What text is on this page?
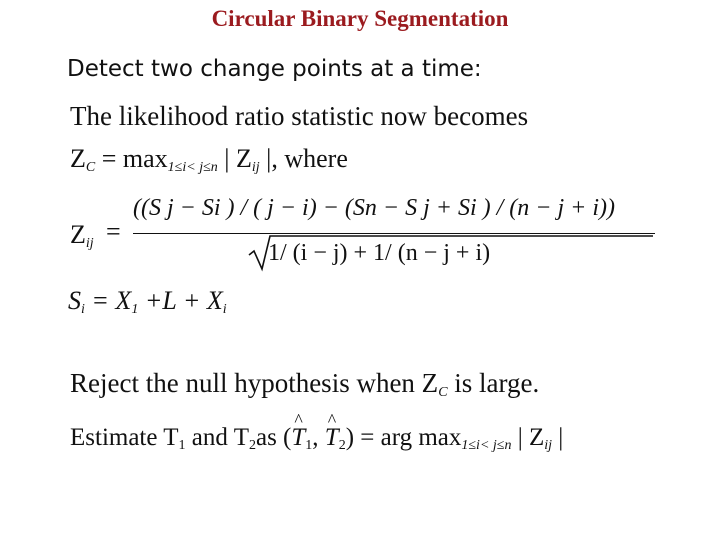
Circular Binary Segmentation
Detect two change points at a time:
The likelihood ratio statistic now becomes
$Z_C = \max_{1\le i< j\le n}$ | $Z_{ij}$ |, where
$Z_{ij}$ =
((S j − Si ) / ( j − i) − (Sn − S j + Si ) / (n − j + i))
1/ (i − j) + 1/ (n − j + i)
$S_i = X1 +L + X_i$
Reject the null hypothesis when $Z_C$ is large.
Estimate T1 and T2as (^ T1, ^ T2) = arg $\max_{1\le i< j\le n}$ | $Z_{ij}$ |
